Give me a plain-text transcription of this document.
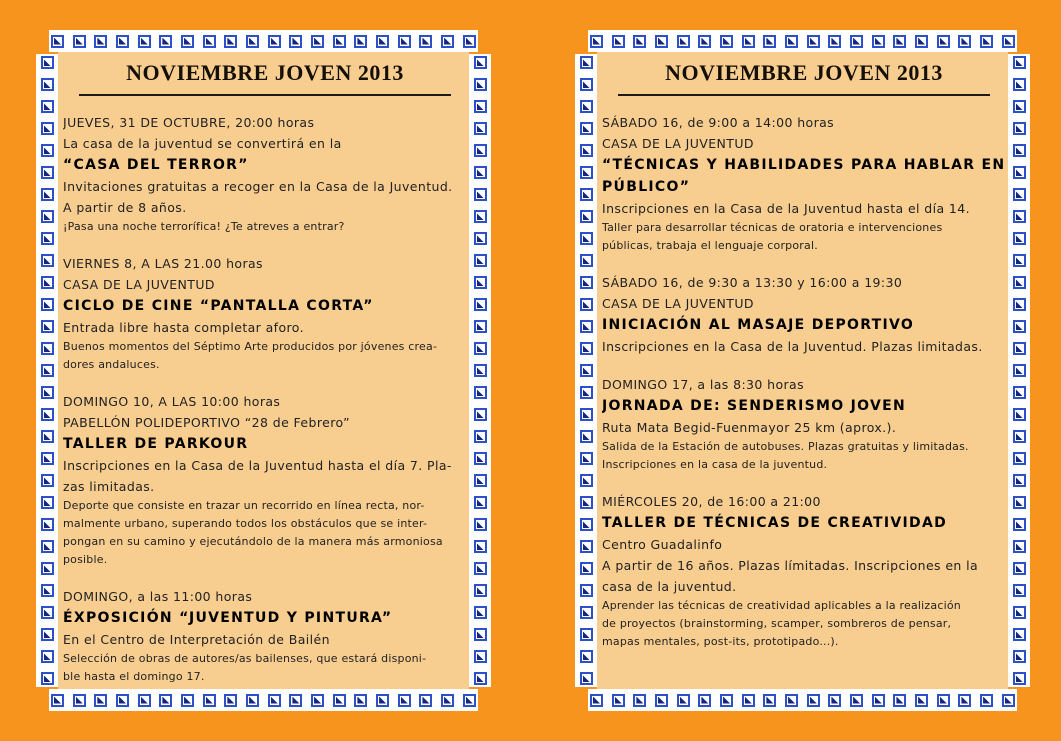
NOVIEMBRE JOVEN 2013
JUEVES, 31 DE OCTUBRE, 20:00 horas
La casa de la juventud se convertirá en la
“CASA DEL TERROR”
Invitaciones gratuitas a recoger en la Casa de la Juventud.
A partir de 8 años.
¡Pasa una noche terrorífica! ¿Te atreves a entrar?
VIERNES 8, A LAS 21.00 horas
CASA DE LA JUVENTUD
CICLO DE CINE “PANTALLA CORTA”
Entrada libre hasta completar aforo.
Buenos momentos del Séptimo Arte producidos por jóvenes crea-
dores andaluces.
DOMINGO 10, A LAS 10:00 horas
PABELLÓN POLIDEPORTIVO “28 de Febrero”
TALLER DE PARKOUR
Inscripciones en la Casa de la Juventud hasta el día 7. Pla-
zas limitadas.
Deporte que consiste en trazar un recorrido en línea recta, nor-
malmente urbano, superando todos los obstáculos que se inter-
pongan en su camino y ejecutándolo de la manera más armoniosa
posible.
DOMINGO, a las 11:00 horas
ÉXPOSICIÓN “JUVENTUD Y PINTURA”
En el Centro de Interpretación de Bailén
Selección de obras de autores/as bailenses, que estará disponi-
ble hasta el domingo 17.
NOVIEMBRE JOVEN 2013
SÁBADO 16, de 9:00 a 14:00 horas
CASA DE LA JUVENTUD
“TÉCNICAS Y HABILIDADES PARA HABLAR EN
PÚBLICO”
Inscripciones en la Casa de la Juventud hasta el día 14.
Taller para desarrollar técnicas de oratoria e intervenciones
públicas, trabaja el lenguaje corporal.
SÁBADO 16, de 9:30 a 13:30 y 16:00 a 19:30
CASA DE LA JUVENTUD
INICIACIÓN AL MASAJE DEPORTIVO
Inscripciones en la Casa de la Juventud. Plazas limitadas.
DOMINGO 17, a las 8:30 horas
JORNADA DE: SENDERISMO JOVEN
Ruta Mata Begid-Fuenmayor 25 km (aprox.).
Salida de la Estación de autobuses. Plazas gratuitas y limitadas.
Inscripciones en la casa de la juventud.
MIÉRCOLES 20, de 16:00 a 21:00
TALLER DE TÉCNICAS DE CREATIVIDAD
Centro Guadalinfo
A partir de 16 años. Plazas límitadas. Inscripciones en la
casa de la juventud.
Aprender las técnicas de creatividad aplicables a la realización
de proyectos (brainstorming, scamper, sombreros de pensar,
mapas mentales, post-its, prototipado...).
